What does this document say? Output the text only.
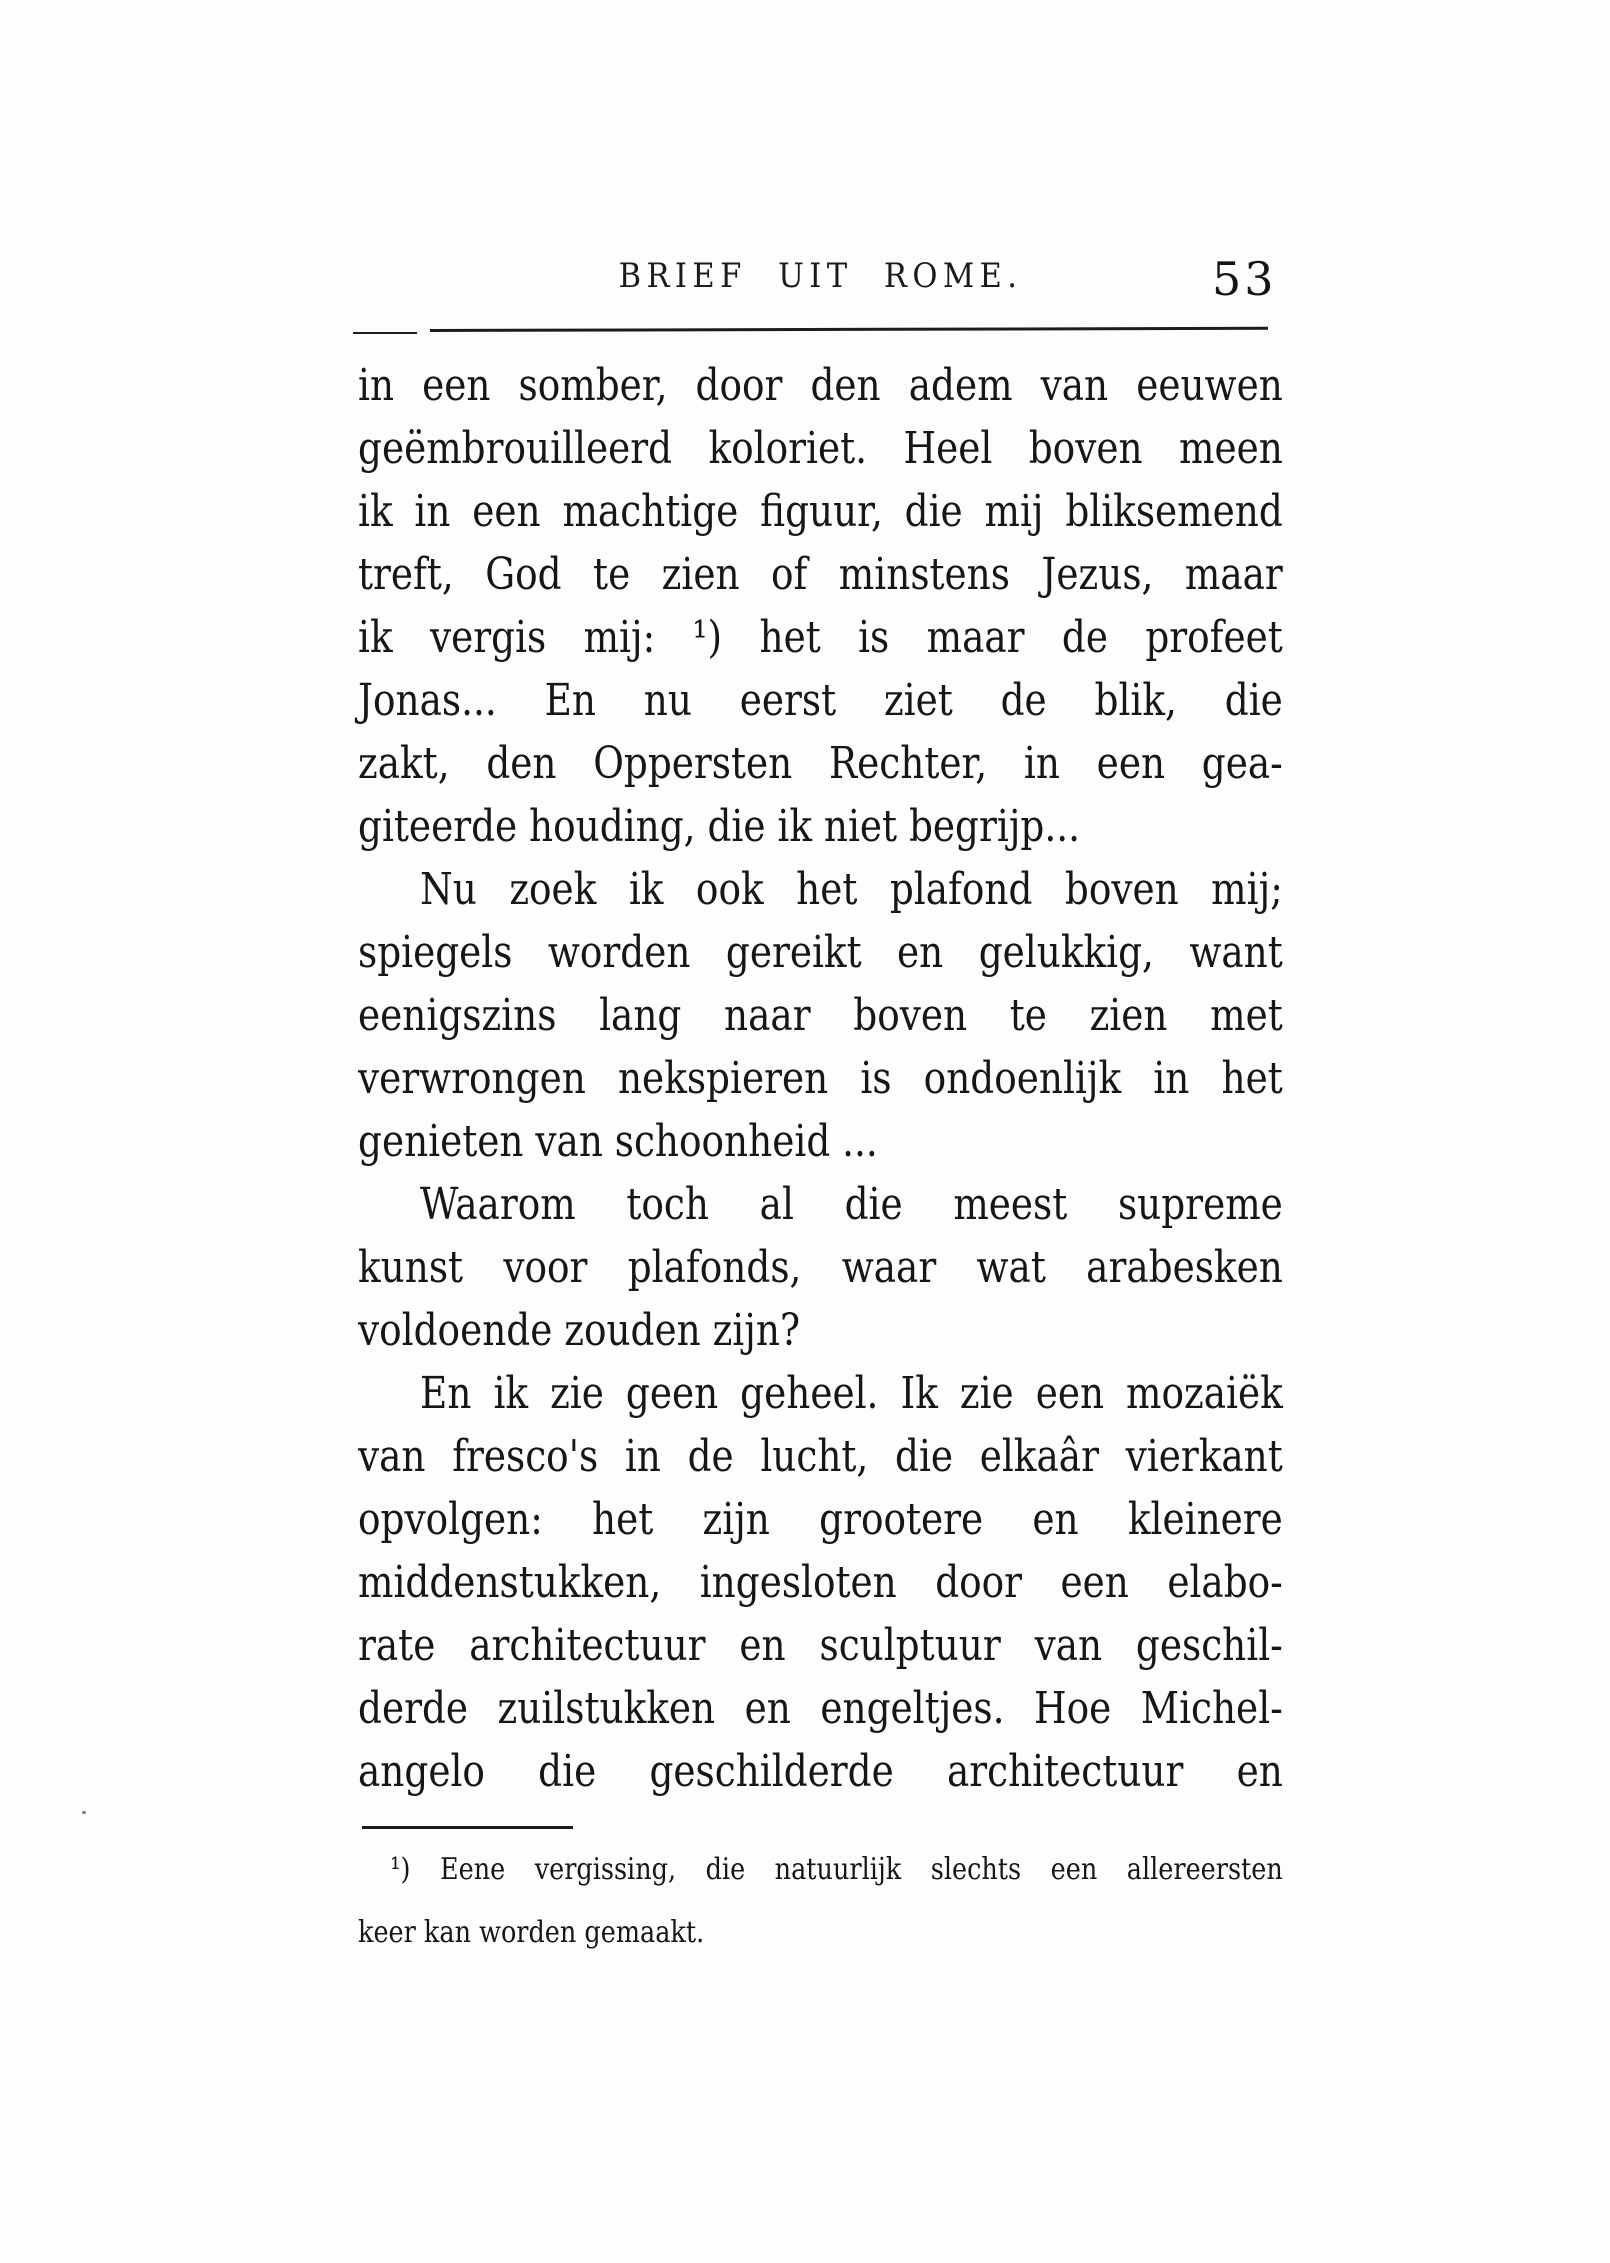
BRIEF UIT ROME.	53
in een somber, door den adem van eeuwen
geëmbrouilleerd koloriet. Heel boven meen
ik in een machtige figuur, die mij bliksemend
treft, God te zien of minstens Jezus, maar
ik vergis mij: ¹) het is maar de profeet
Jonas... En nu eerst ziet de blik, die
zakt, den Oppersten Rechter, in een gea-
giteerde houding, die ik niet begrijp...
Nu zoek ik ook het plafond boven mij;
spiegels worden gereikt en gelukkig, want
eenigszins lang naar boven te zien met
verwrongen nekspieren is ondoenlijk in het
genieten van schoonheid ...
Waarom toch al die meest supreme
kunst voor plafonds, waar wat arabesken
voldoende zouden zijn?
En ik zie geen geheel. Ik zie een mozaiëk
van fresco's in de lucht, die elkaâr vierkant
opvolgen: het zijn grootere en kleinere
middenstukken, ingesloten door een elabo-
rate architectuur en sculptuur van geschil-
derde zuilstukken en engeltjes. Hoe Michel-
angelo die geschilderde architectuur en
¹) Eene vergissing, die natuurlijk slechts een allereersten
keer kan worden gemaakt.
